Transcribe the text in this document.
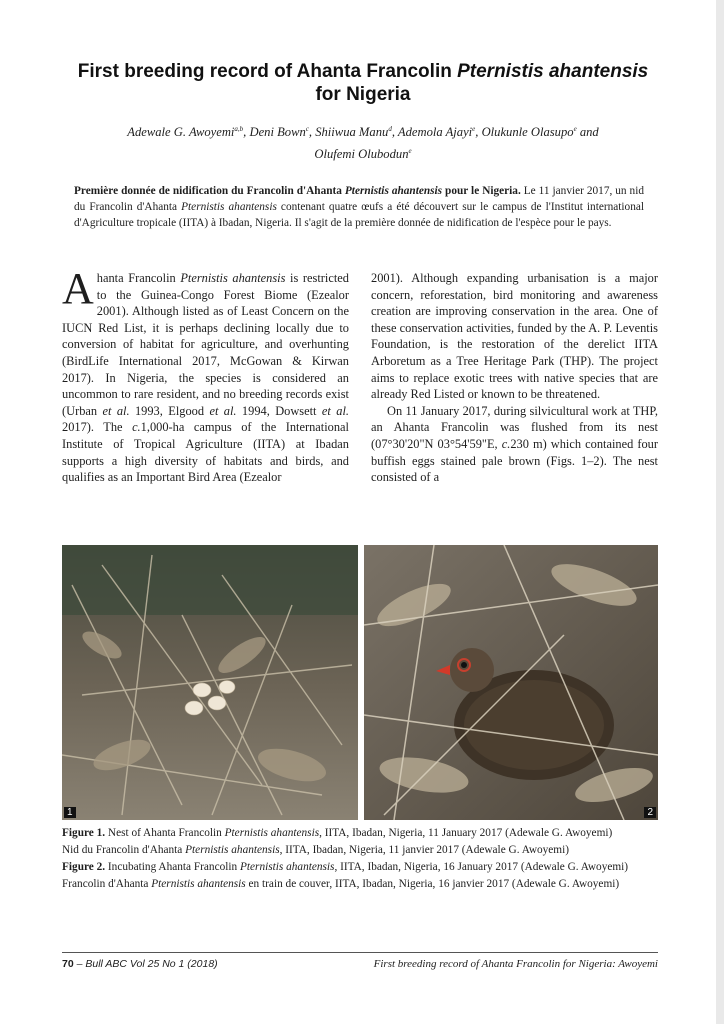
First breeding record of Ahanta Francolin Pternistis ahantensis
for Nigeria
Adewale G. Awoyemi$^{a,b}$, Deni Bown$^c$, Shiiwua Manu$^d$, Ademola Ajayi$^e$, Olukunle Olasupo$^e$ and
Olufemi Olubodun$^e$
Première donnée de nidification du Francolin d'Ahanta Pternistis ahantensis pour le Nigeria. Le 11 janvier 2017, un nid du Francolin d'Ahanta Pternistis ahantensis contenant quatre œufs a été découvert sur le campus de l'Institut international d'Agriculture tropicale (IITA) à Ibadan, Nigeria. Il s'agit de la première donnée de nidification de l'espèce pour le pays.
Ahanta Francolin Pternistis ahantensis is restricted to the Guinea-Congo Forest Biome (Ezealor 2001). Although listed as of Least Concern on the IUCN Red List, it is perhaps declining locally due to conversion of habitat for agriculture, and overhunting (BirdLife International 2017, McGowan & Kirwan 2017). In Nigeria, the species is considered an uncommon to rare resident, and no breeding records exist (Urban et al. 1993, Elgood et al. 1994, Dowsett et al. 2017). The c.1,000-ha campus of the International Institute of Tropical Agriculture (IITA) at Ibadan supports a high diversity of habitats and birds, and qualifies as an Important Bird Area (Ezealor
2001). Although expanding urbanisation is a major concern, reforestation, bird monitoring and awareness creation are improving conservation in the area. One of these conservation activities, funded by the A. P. Leventis Foundation, is the restoration of the derelict IITA Arboretum as a Tree Heritage Park (THP). The project aims to replace exotic trees with native species that are already Red Listed or known to be threatened.
On 11 January 2017, during silvicultural work at THP, an Ahanta Francolin was flushed from its nest (07°30'20"N 03°54'59"E, c.230 m) which contained four buffish eggs stained pale brown (Figs. 1–2). The nest consisted of a
1	2

Figure 1. Nest of Ahanta Francolin Pternistis ahantensis, IITA, Ibadan, Nigeria, 11 January 2017 (Adewale G. Awoyemi)

Nid du Francolin d'Ahanta Pternistis ahantensis, IITA, Ibadan, Nigeria, 11 janvier 2017 (Adewale G. Awoyemi)

Figure 2. Incubating Ahanta Francolin Pternistis ahantensis, IITA, Ibadan, Nigeria, 16 January 2017 (Adewale G. Awoyemi)

Francolin d'Ahanta Pternistis ahantensis en train de couver, IITA, Ibadan, Nigeria, 16 janvier 2017 (Adewale G. Awoyemi)

70 – Bull ABC Vol 25 No 1 (2018)	First breeding record of Ahanta Francolin for Nigeria: Awoyemi
